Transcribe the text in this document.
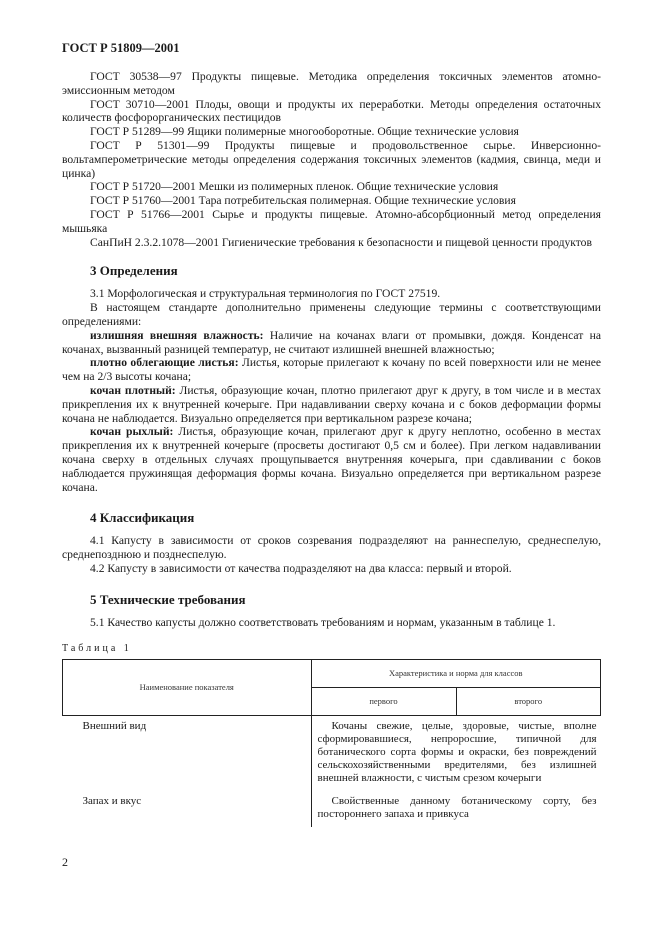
ГОСТ Р 51809—2001

ГОСТ 30538—97 Продукты пищевые. Методика определения токсичных элементов атомно-эмиссионным методом

ГОСТ 30710—2001 Плоды, овощи и продукты их переработки. Методы определения остаточных количеств фосфорорганических пестицидов

ГОСТ Р 51289—99 Ящики полимерные многооборотные. Общие технические условия

ГОСТ Р 51301—99 Продукты пищевые и продовольственное сырье. Инверсионно-вольтамперометрические методы определения содержания токсичных элементов (кадмия, свинца, меди и цинка)

ГОСТ Р 51720—2001 Мешки из полимерных пленок. Общие технические условия

ГОСТ Р 51760—2001 Тара потребительская полимерная. Общие технические условия

ГОСТ Р 51766—2001 Сырье и продукты пищевые. Атомно-абсорбционный метод определения мышьяка

СанПиН 2.3.2.1078—2001 Гигиенические требования к безопасности и пищевой ценности продуктов

3 Определения

3.1 Морфологическая и структуральная терминология по ГОСТ 27519.

В настоящем стандарте дополнительно применены следующие термины с соответствующими определениями:

излишняя внешняя влажность: Наличие на кочанах влаги от промывки, дождя. Конденсат на кочанах, вызванный разницей температур, не считают излишней внешней влажностью;

плотно облегающие листья: Листья, которые прилегают к кочану по всей поверхности или не менее чем на 2/3 высоты кочана;

кочан плотный: Листья, образующие кочан, плотно прилегают друг к другу, в том числе и в местах прикрепления их к внутренней кочерыге. При надавливании сверху кочана и с боков деформации формы кочана не наблюдается. Визуально определяется при вертикальном разрезе кочана;

кочан рыхлый: Листья, образующие кочан, прилегают друг к другу неплотно, особенно в местах прикрепления их к внутренней кочерыге (просветы достигают 0,5 см и более). При легком надавливании кочана сверху в отдельных случаях прощупывается внутренняя кочерыга, при сдавливании с боков наблюдается пружинящая деформация формы кочана. Визуально определяется при вертикальном разрезе кочана.

4 Классификация

4.1 Капусту в зависимости от сроков созревания подразделяют на раннеспелую, среднеспелую, среднепозднюю и позднеспелую.

4.2 Капусту в зависимости от качества подразделяют на два класса: первый и второй.

5 Технические требования

5.1 Качество капусты должно соответствовать требованиям и нормам, указанным в таблице 1.

Таблица 1
Наименование показателя	Характеристика и норма для классов	
	первого	второго
Внешний вид	Кочаны свежие, целые, здоровые, чистые, вполне сформировавшиеся, непроросшие, типичной для ботанического сорта формы и окраски, без повреждений сельскохозяйственными вредителями, без излишней внешней влажности, с чистым срезом кочерыги	
Запах и вкус	Свойственные данному ботаническому сорту, без постороннего запаха и привкуса	
2
